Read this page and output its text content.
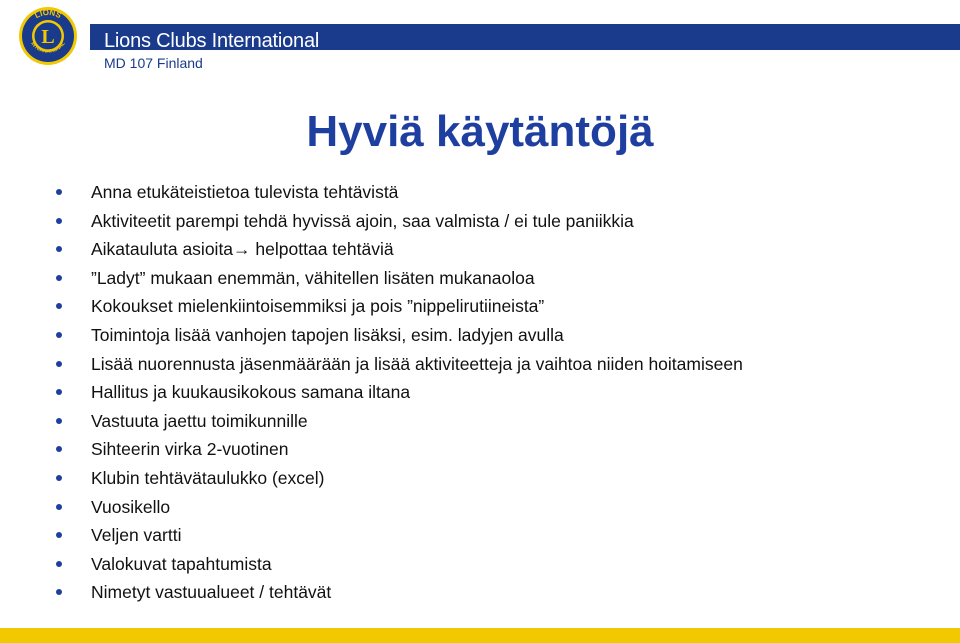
L
LIONS
INTERNATIONAL Lions Clubs International
MD 107 Finland
Hyviä käytäntöjä
Anna etukäteistietoa tulevista tehtävistä
Aktiviteetit parempi tehdä hyvissä ajoin, saa valmista / ei tule paniikkia
Aikatauluta asioita→ helpottaa tehtäviä
”Ladyt” mukaan enemmän, vähitellen lisäten mukanaoloa
Kokoukset mielenkiintoisemmiksi ja pois ”nippelirutiineista”
Toimintoja lisää vanhojen tapojen lisäksi, esim. ladyjen avulla
Lisää nuorennusta jäsenmäärään ja lisää aktiviteetteja ja vaihtoa niiden hoitamiseen
Hallitus ja kuukausikokous samana iltana
Vastuuta jaettu toimikunnille
Sihteerin virka 2-vuotinen
Klubin tehtävätaulukko (excel)
Vuosikello
Veljen vartti
Valokuvat tapahtumista
Nimetyt vastuualueet / tehtävät
